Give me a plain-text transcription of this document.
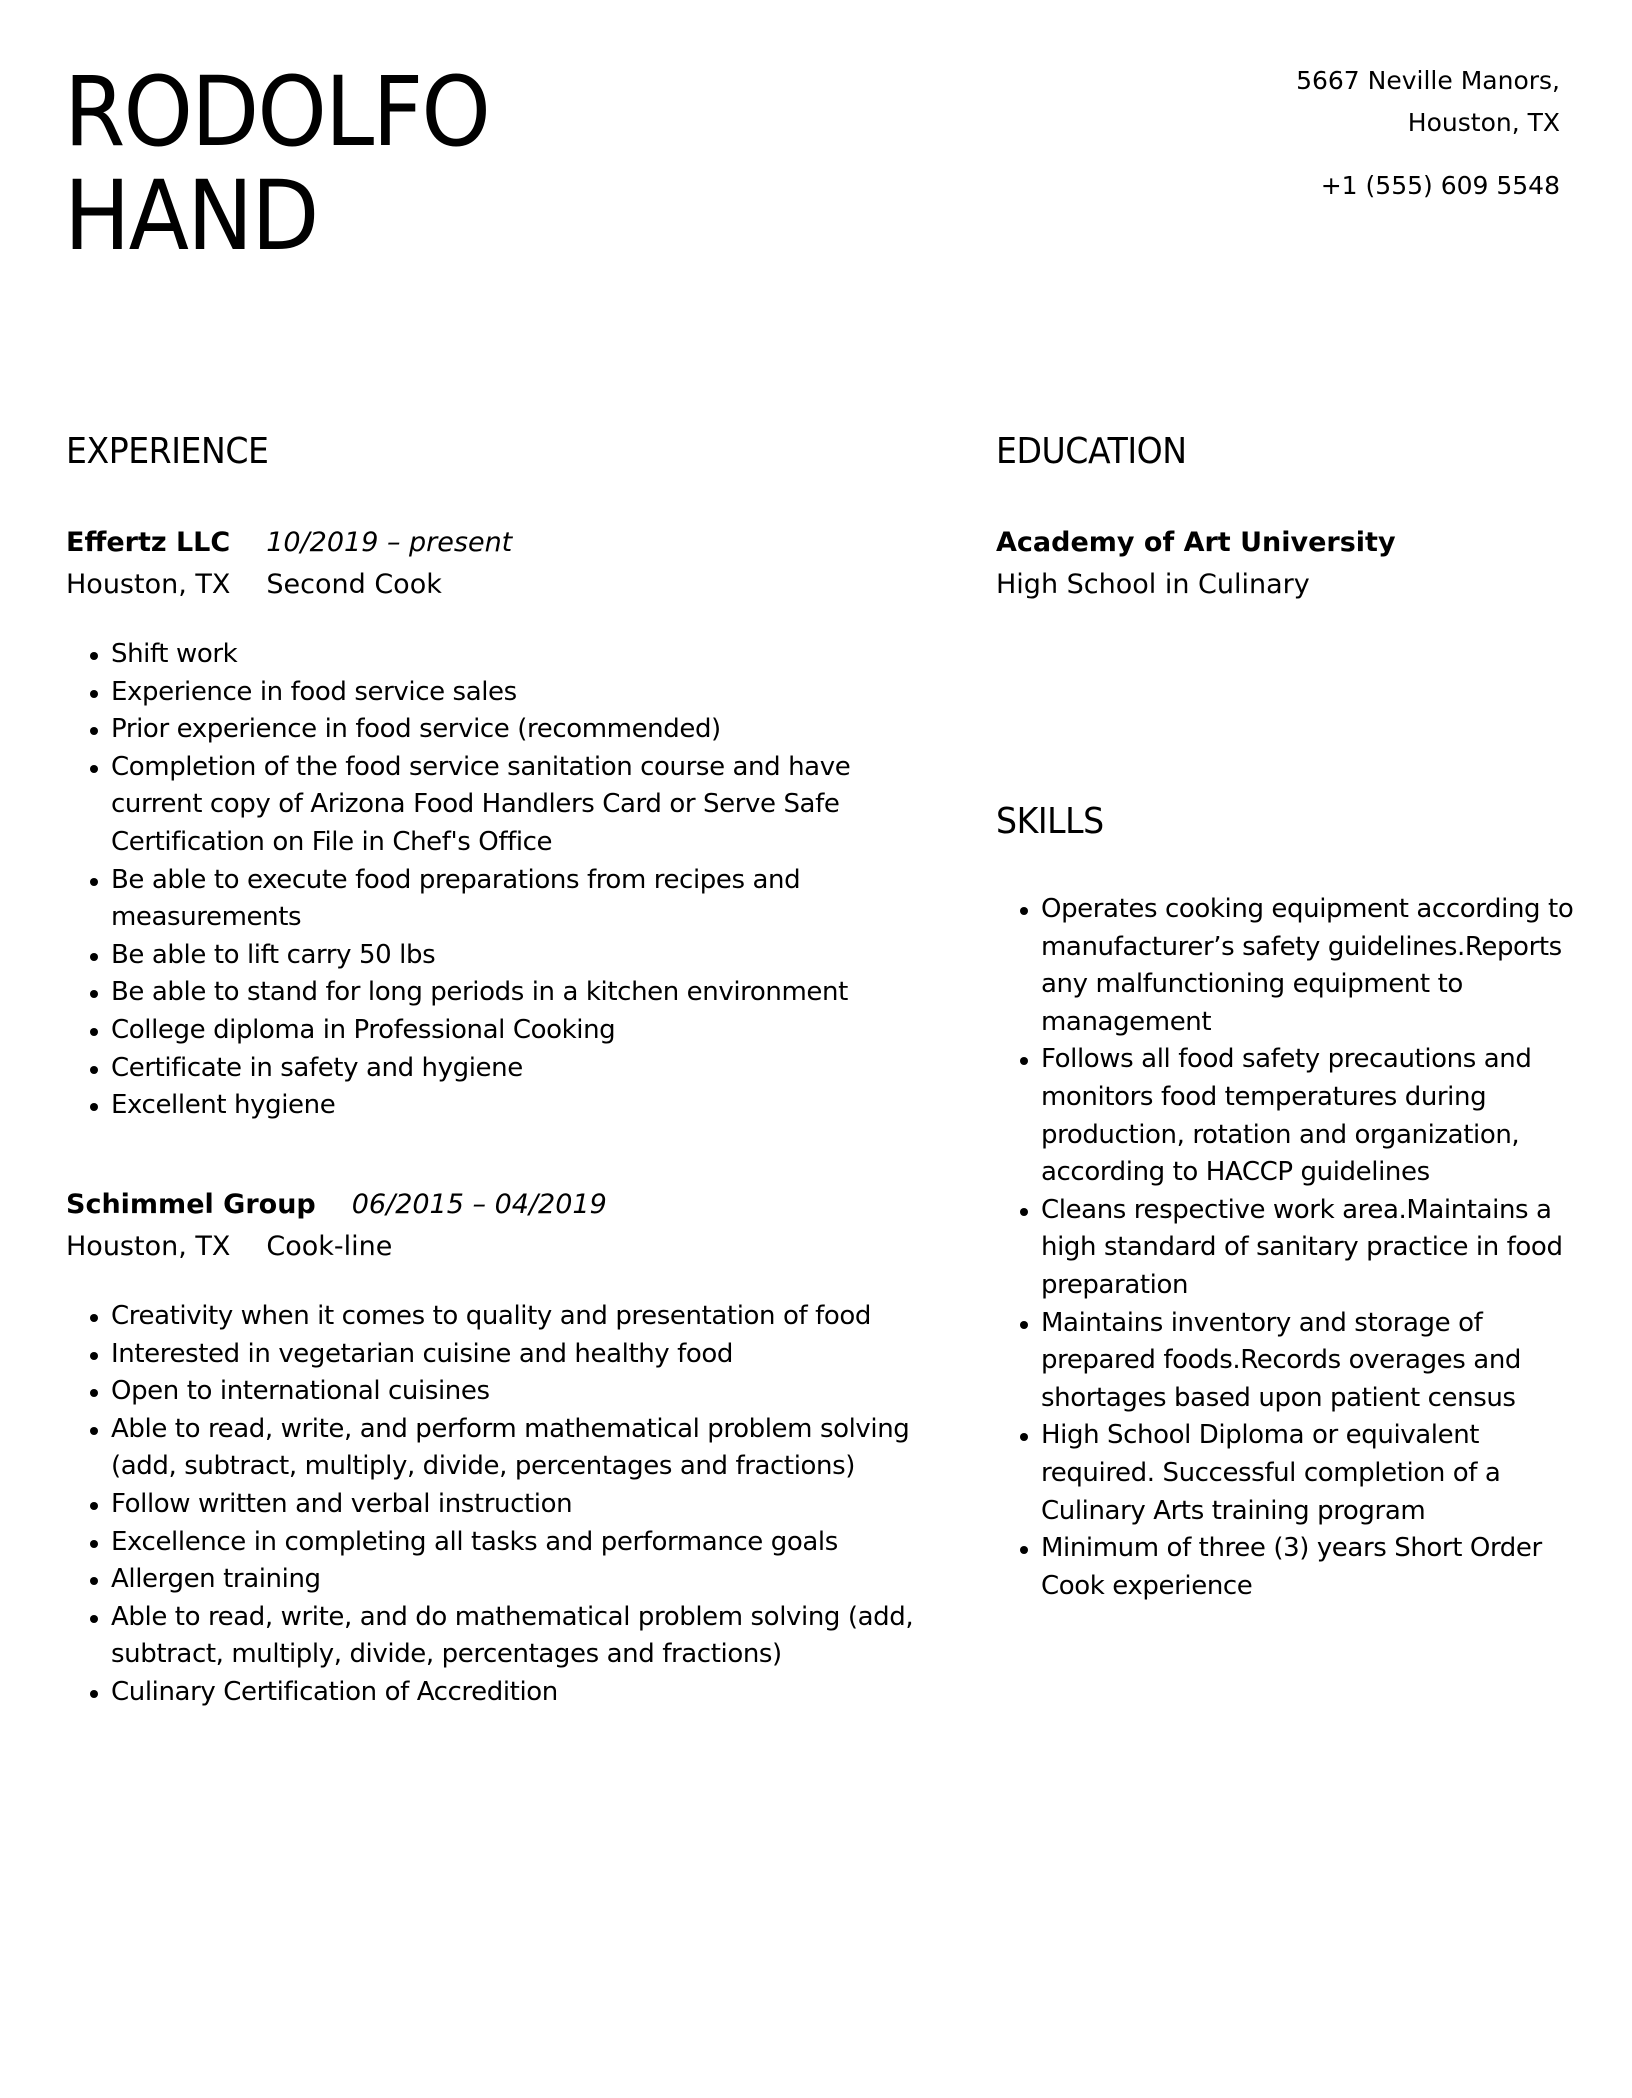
RODOLFO
HAND
5667 Neville Manors,
Houston, TX
+1 (555) 609 5548
EXPERIENCE
Effertz LLC 10/2019 – present
Houston, TX Second Cook
Shift work
Experience in food service sales
Prior experience in food service (recommended)
Completion of the food service sanitation course and have current copy of Arizona Food Handlers Card or Serve Safe Certification on File in Chef's Office
Be able to execute food preparations from recipes and measurements
Be able to lift carry 50 lbs
Be able to stand for long periods in a kitchen environment
College diploma in Professional Cooking
Certificate in safety and hygiene
Excellent hygiene
Schimmel Group 06/2015 – 04/2019
Houston, TX Cook-line
Creativity when it comes to quality and presentation of food
Interested in vegetarian cuisine and healthy food
Open to international cuisines
Able to read, write, and perform mathematical problem solving (add, subtract, multiply, divide, percentages and fractions)
Follow written and verbal instruction
Excellence in completing all tasks and performance goals
Allergen training
Able to read, write, and do mathematical problem solving (add, subtract, multiply, divide, percentages and fractions)
Culinary Certification of Accredition
EDUCATION
Academy of Art University
High School in Culinary
SKILLS
Operates cooking equipment according to manufacturer’s safety guidelines.Reports any malfunctioning equipment to management
Follows all food safety precautions and monitors food temperatures during production, rotation and organization, according to HACCP guidelines
Cleans respective work area.Maintains a high standard of sanitary practice in food preparation
Maintains inventory and storage of prepared foods.Records overages and shortages based upon patient census
High School Diploma or equivalent required. Successful completion of a Culinary Arts training program
Minimum of three (3) years Short Order Cook experience
